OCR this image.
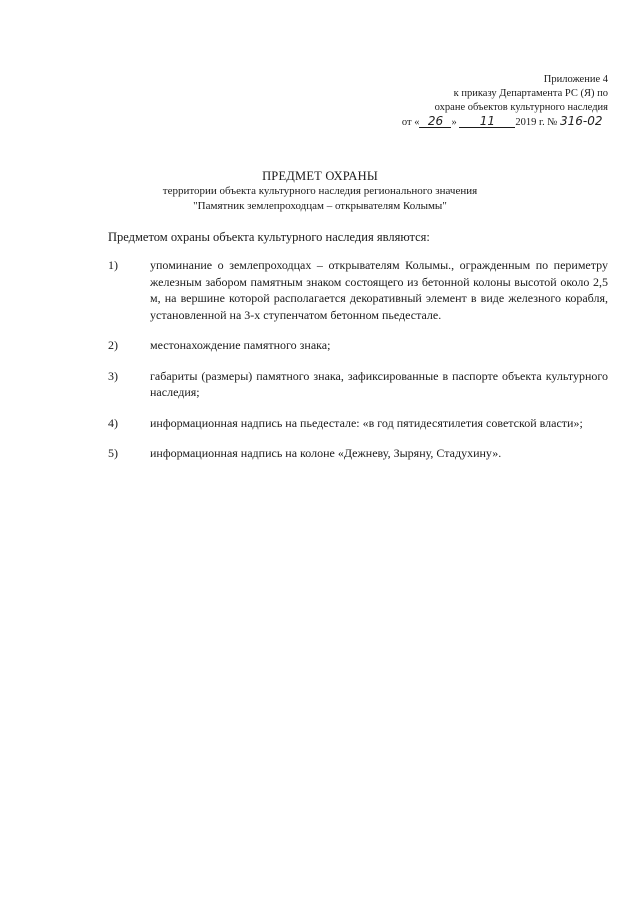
Приложение 4
к приказу Департамента РС (Я) по
охране объектов культурного наследия
от « 26 » 11 2019 г. № 316-02
ПРЕДМЕТ ОХРАНЫ
территории объекта культурного наследия регионального значения
"Памятник землепроходцам – открывателям Колымы"
Предметом охраны объекта культурного наследия являются:
1)	упоминание о землепроходцах – открывателям Колымы., огражденным по периметру железным забором памятным знаком состоящего из бетонной колоны высотой около 2,5 м, на вершине которой располагается декоративный элемент в виде железного корабля, установленной на 3-х ступенчатом бетонном пьедестале.
2)	местонахождение памятного знака;
3)	габариты (размеры) памятного знака, зафиксированные в паспорте объекта культурного наследия;
4)	информационная надпись на пьедестале: «в год пятидесятилетия советской власти»;
5)	информационная надпись на колоне «Дежневу, Зыряну, Стадухину».
